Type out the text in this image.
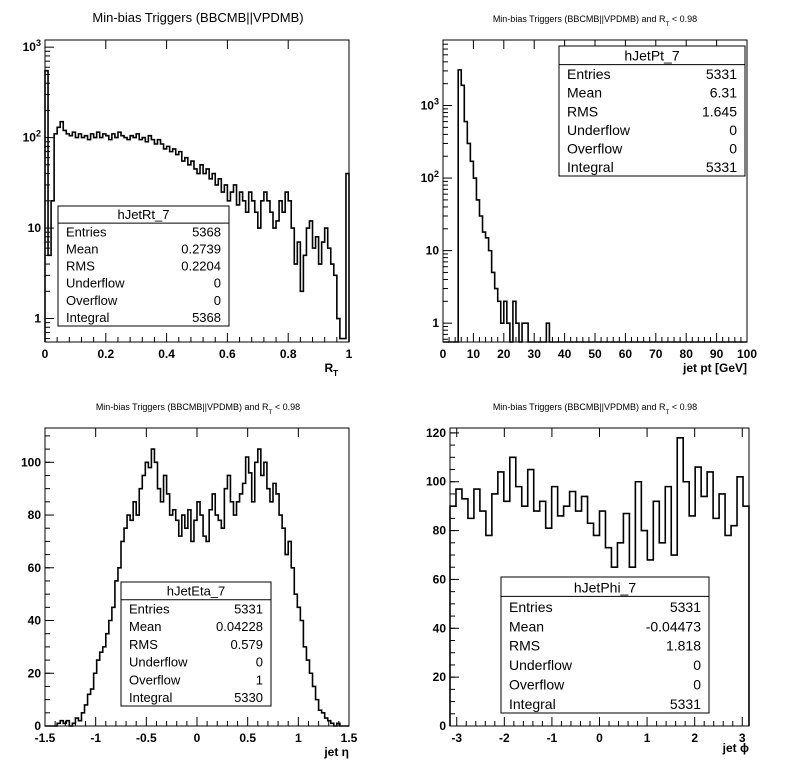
Min-bias Triggers (BBCMB||VPDMB)
0	0.2	0.4	0.6	0.8	1
1
10
$10^2$
$10^3$
$R_T$
hJetRt_7
Entries	5368
Mean	0.2739
RMS	0.2204
Underflow	0
Overflow	0
Integral	5368
Min-bias Triggers (BBCMB||VPDMB) and $R_T < 0.98$
0 10 20 30 40 50 60 70 80 90 100
1
10
$10^2$
$10^3$
jet pt [GeV]
hJetPt_7
Entries	5331
Mean	6.31
RMS	1.645
Underflow	0
Overflow	0
Integral	5331
Min-bias Triggers (BBCMB||VPDMB) and $R_T < 0.98$
-1.5	-1	-0.5	0	0.5	1	1.5
0
20
40
60
80
100
jet η
hJetEta_7
Entries	5331
Mean	0.04228
RMS	0.579
Underflow	0
Overflow	1
Integral	5330
Min-bias Triggers (BBCMB||VPDMB) and $R_T < 0.98$
-3	-2	-1	0	1	2	3
0
20
40
60
80
100
120
jet ϕ
hJetPhi_7
Entries	5331
Mean	-0.04473
RMS	1.818
Underflow	0
Overflow	0
Integral	5331
